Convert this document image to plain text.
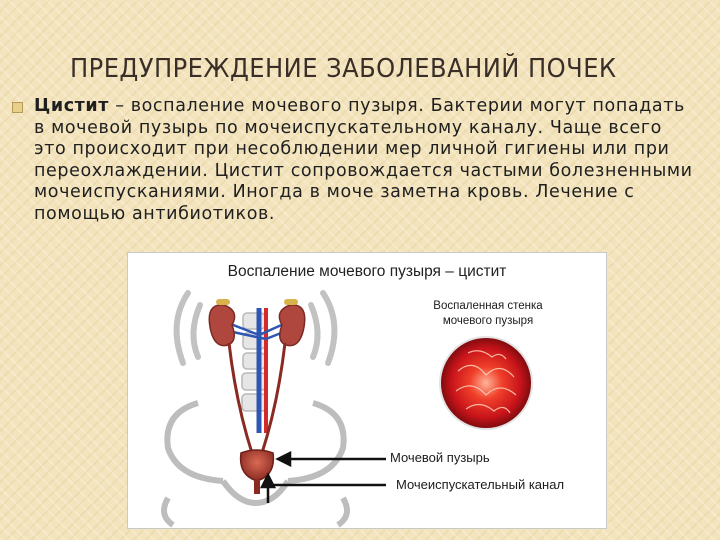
ПРЕДУПРЕЖДЕНИЕ ЗАБОЛЕВАНИЙ ПОЧЕК
Цистит – воспаление мочевого пузыря. Бактерии могут попадать в мочевой пузырь по мочеиспускательному каналу. Чаще всего это происходит при несоблюдении мер личной гигиены или при переохлаждении. Цистит сопровождается частыми болезненными мочеиспусканиями. Иногда в моче заметна кровь. Лечение с помощью антибиотиков.
Воспаление мочевого пузыря – цистит
Воспаленная стенка мочевого пузыря
Мочевой пузырь
Мочеиспускательный канал
